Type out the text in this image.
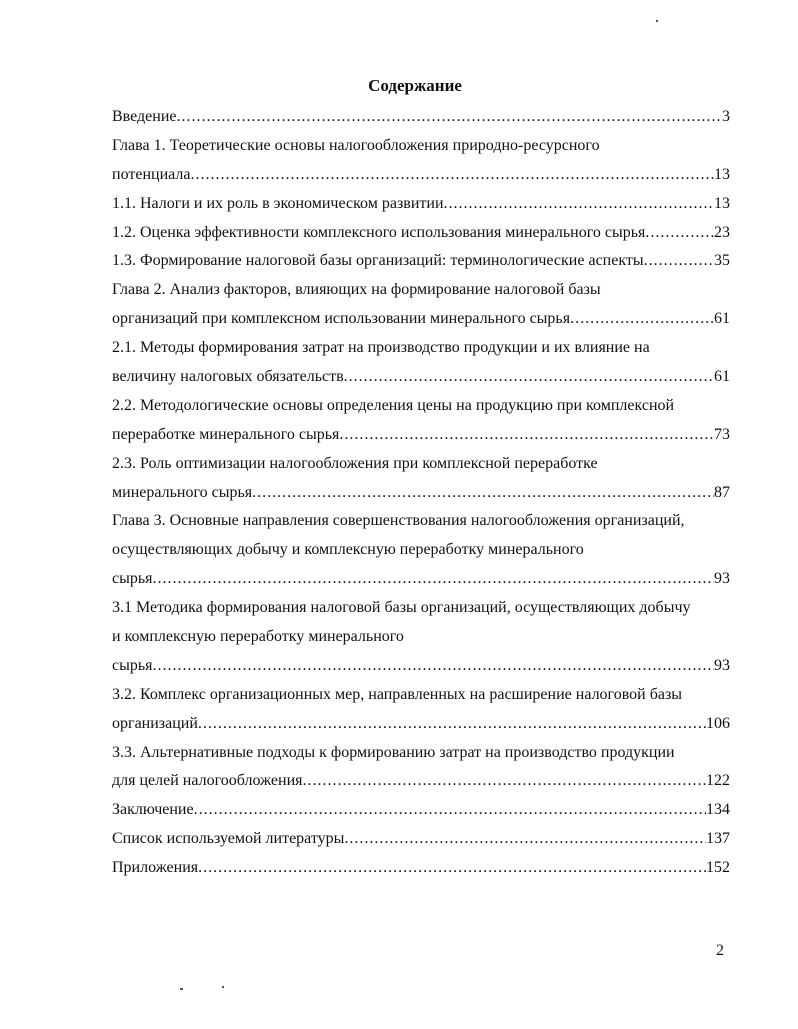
Содержание
Введение .....	3
Глава 1. Теоретические основы налогообложения природно-ресурсного
потенциала .....	13
1.1. Налоги и их роль в экономическом развитии .....	13
1.2. Оценка эффективности комплексного использования минерального сырья .....	23
1.3. Формирование налоговой базы организаций: терминологические аспекты .....	35
Глава 2. Анализ факторов, влияющих на формирование налоговой базы
организаций при комплексном использовании минерального сырья .....	61
2.1. Методы формирования затрат на производство продукции и их влияние на
величину налоговых обязательств .....	61
2.2. Методологические основы определения цены на продукцию при комплексной
переработке минерального сырья .....	73
2.3. Роль оптимизации налогообложения при комплексной переработке
минерального сырья .....	87
Глава 3. Основные направления совершенствования налогообложения организаций,
осуществляющих добычу и комплексную переработку минерального
сырья .....	93
3.1 Методика формирования налоговой базы организаций, осуществляющих добычу
и комплексную переработку минерального
сырья .....	93
3.2. Комплекс организационных мер, направленных на расширение налоговой базы
организаций .....	106
3.3. Альтернативные подходы к формированию затрат на производство продукции
для целей налогообложения .....	122
Заключение .....	134
Список используемой литературы .....	137
Приложения .....	152
2
